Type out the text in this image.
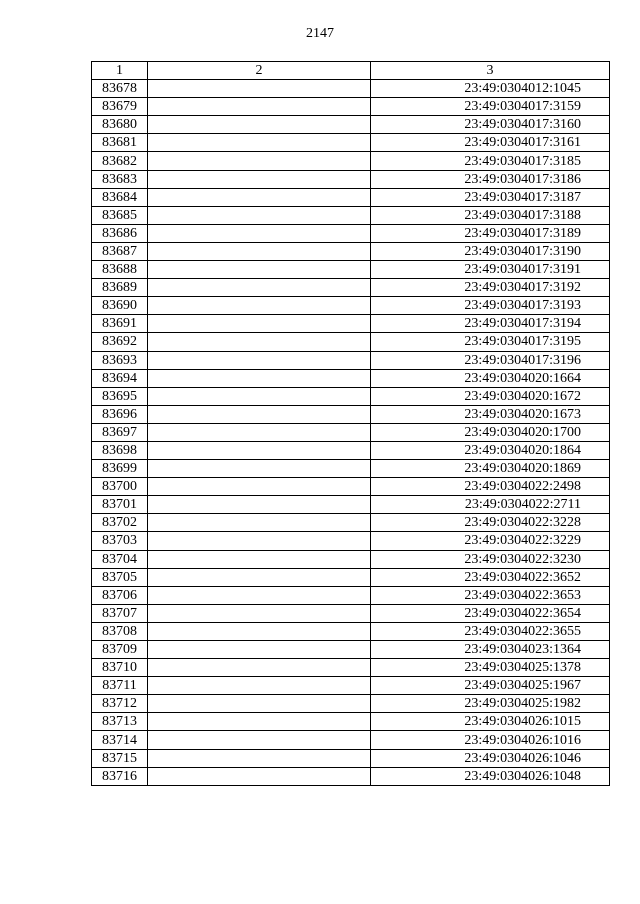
2147
1	2	3
83678		23:49:0304012:1045
83679		23:49:0304017:3159
83680		23:49:0304017:3160
83681		23:49:0304017:3161
83682		23:49:0304017:3185
83683		23:49:0304017:3186
83684		23:49:0304017:3187
83685		23:49:0304017:3188
83686		23:49:0304017:3189
83687		23:49:0304017:3190
83688		23:49:0304017:3191
83689		23:49:0304017:3192
83690		23:49:0304017:3193
83691		23:49:0304017:3194
83692		23:49:0304017:3195
83693		23:49:0304017:3196
83694		23:49:0304020:1664
83695		23:49:0304020:1672
83696		23:49:0304020:1673
83697		23:49:0304020:1700
83698		23:49:0304020:1864
83699		23:49:0304020:1869
83700		23:49:0304022:2498
83701		23:49:0304022:2711
83702		23:49:0304022:3228
83703		23:49:0304022:3229
83704		23:49:0304022:3230
83705		23:49:0304022:3652
83706		23:49:0304022:3653
83707		23:49:0304022:3654
83708		23:49:0304022:3655
83709		23:49:0304023:1364
83710		23:49:0304025:1378
83711		23:49:0304025:1967
83712		23:49:0304025:1982
83713		23:49:0304026:1015
83714		23:49:0304026:1016
83715		23:49:0304026:1046
83716		23:49:0304026:1048
